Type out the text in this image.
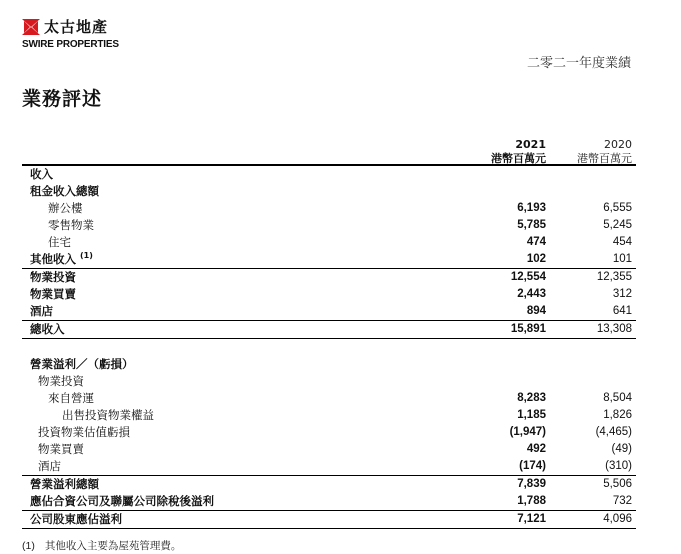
太古地產
SWIRE PROPERTIES
二零二一年度業績
業務評述
2021
港幣百萬元
2020
港幣百萬元
收入		
租金收入總額		
辦公樓	6,193	6,555
零售物業	5,785	5,245
住宅	474	454
其他收入 $^{(1)}$	102	101
物業投資	12,554	12,355
物業買賣	2,443	312
酒店	894	641
總收入	15,891	13,308

營業溢利／（虧損）		
物業投資		
來自營運	8,283	8,504
出售投資物業權益	1,185	1,826
投資物業估值虧損	(1,947)	(4,465)
物業買賣	492	(49)
酒店	(174)	(310)
營業溢利總額	7,839	5,506
應佔合資公司及聯屬公司除稅後溢利	1,788	732
公司股東應佔溢利	7,121	4,096
(1) 其他收入主要為屋苑管理費。
